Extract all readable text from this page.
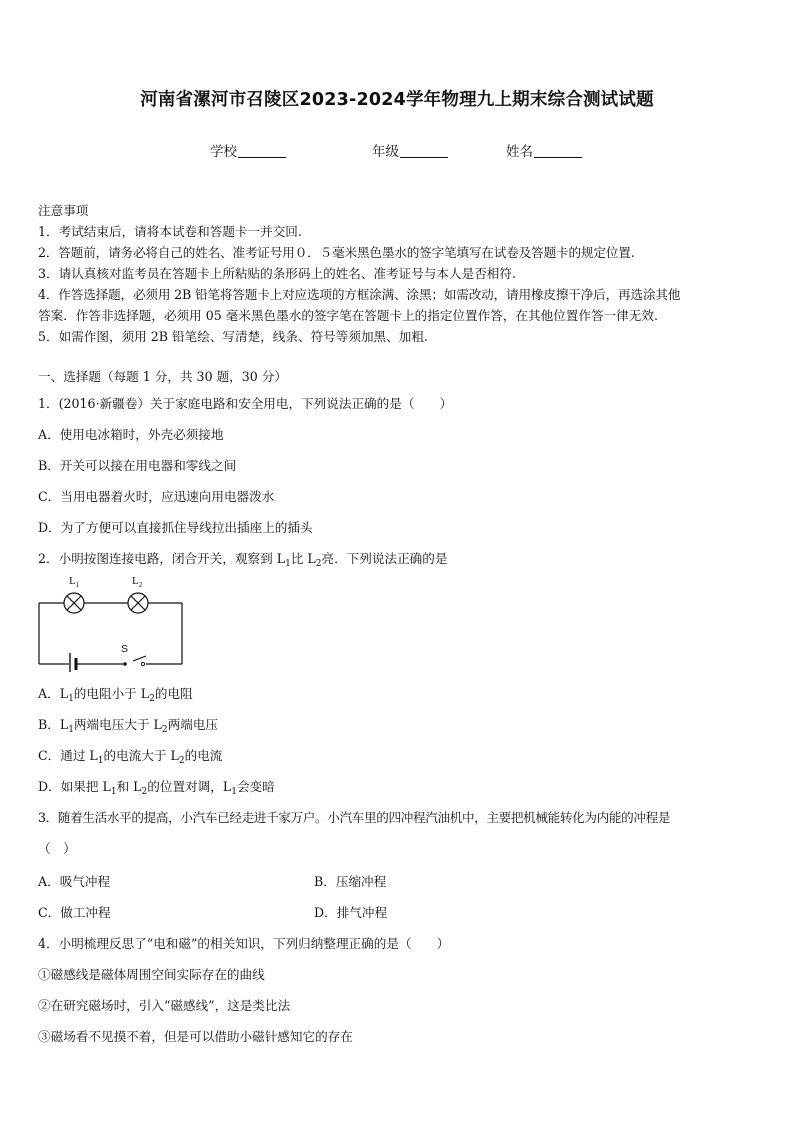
河南省漯河市召陵区2023-2024学年物理九上期末综合测试试题
学校	年级	姓名
注意事项
1．考试结束后，请将本试卷和答题卡一并交回.
2．答题前，请务必将自己的姓名、准考证号用０．５毫米黑色墨水的签字笔填写在试卷及答题卡的规定位置.
3．请认真核对监考员在答题卡上所粘贴的条形码上的姓名、准考证号与本人是否相符.
4．作答选择题，必须用 2B 铅笔将答题卡上对应选项的方框涂满、涂黑；如需改动，请用橡皮擦干净后，再选涂其他
答案．作答非选择题，必须用 05 毫米黑色墨水的签字笔在答题卡上的指定位置作答，在其他位置作答一律无效.
5．如需作图，须用 2B 铅笔绘、写清楚，线条、符号等须加黑、加粗.
一、选择题（每题 1 分，共 30 题，30 分）
1．(2016·新疆卷）关于家庭电路和安全用电，下列说法正确的是（　　）
A．使用电冰箱时，外壳必须接地
B．开关可以接在用电器和零线之间
C．当用电器着火时，应迅速向用电器泼水
D．为了方便可以直接抓住导线拉出插座上的插头
2．小明按图连接电路，闭合开关，观察到 $L_1$比 $L_2$亮．下列说法正确的是
$L_1$	$L_2$
S
A．$L_1$的电阻小于 $L_2$的电阻
B．$L_1$两端电压大于 $L_2$两端电压
C．通过 $L_1$的电流大于 $L_2$的电流
D．如果把 $L_1$和 $L_2$的位置对调，$L_1$会变暗
3．随着生活水平的提高，小汽车已经走进千家万户。小汽车里的四冲程汽油机中，主要把机械能转化为内能的冲程是
（　）
A．吸气冲程	B．压缩冲程
C．做工冲程	D．排气冲程
4．小明梳理反思了“电和磁”的相关知识，下列归纳整理正确的是（　　）
①磁感线是磁体周围空间实际存在的曲线
②在研究磁场时，引入“磁感线”，这是类比法
③磁场看不见摸不着，但是可以借助小磁针感知它的存在
